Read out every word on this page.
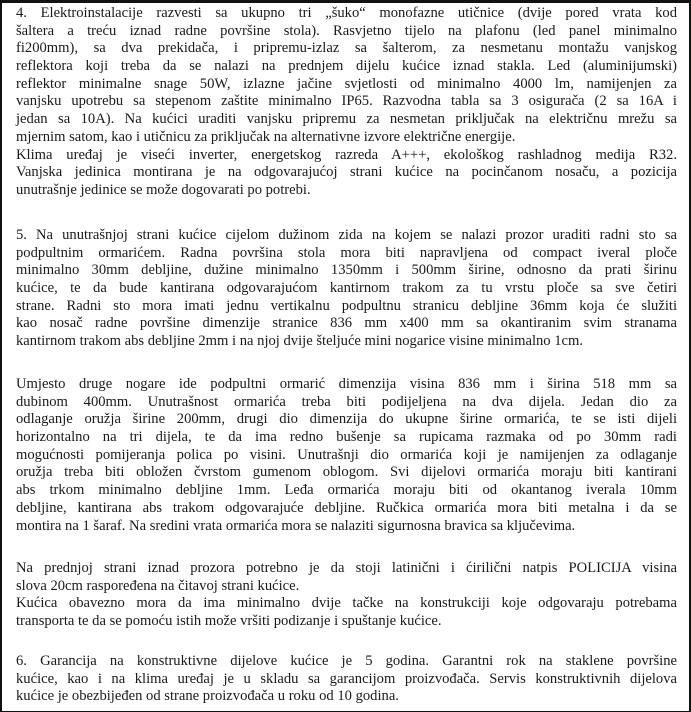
4. Elektroinstalacije razvesti sa ukupno tri „šuko“ monofazne utičnice (dvije pored vrata kod
šaltera a treću iznad radne površine stola). Rasvjetno tijelo na plafonu (led panel minimalno
fi200mm), sa dva prekidača, i pripremu-izlaz sa šalterom, za nesmetanu montažu vanjskog
reflektora koji treba da se nalazi na prednjem dijelu kućice iznad stakla. Led (aluminijumski)
reflektor minimalne snage 50W, izlazne jačine svjetlosti od minimalno 4000 lm, namijenjen za
vanjsku upotrebu sa stepenom zaštite minimalno IP65. Razvodna tabla sa 3 osigurača (2 sa 16A i
jedan sa 10A). Na kućici uraditi vanjsku pripremu za nesmetan priključak na električnu mrežu sa
mjernim satom, kao i utičnicu za priključak na alternativne izvore električne energije.
Klima uređaj je viseći inverter, energetskog razreda A+++, ekološkog rashladnog medija R32.
Vanjska jedinica montirana je na odgovarajućoj strani kućice na pocinčanom nosaču, a pozicija
unutrašnje jedinice se može dogovarati po potrebi.
5. Na unutrašnjoj strani kućice cijelom dužinom zida na kojem se nalazi prozor uraditi radni sto sa
podpultnim ormarićem. Radna površina stola mora biti napravljena od compact iveral ploče
minimalno 30mm debljine, dužine minimalno 1350mm i 500mm širine, odnosno da prati širinu
kućice, te da bude kantirana odgovarajućom kantirnom trakom za tu vrstu ploče sa sve četiri
strane. Radni sto mora imati jednu vertikalnu podpultnu stranicu debljine 36mm koja će služiti
kao nosač radne površine dimenzije stranice 836 mm x400 mm sa okantiranim svim stranama
kantirnom trakom abs debljine 2mm i na njoj dvije šteljuće mini nogarice visine minimalno 1cm.
Umjesto druge nogare ide podpultni ormarić dimenzija visina 836 mm i širina 518 mm sa
dubinom 400mm. Unutrašnost ormarića treba biti podijeljena na dva dijela. Jedan dio za
odlaganje oružja širine 200mm, drugi dio dimenzija do ukupne širine ormarića, te se isti dijeli
horizontalno na tri dijela, te da ima redno bušenje sa rupicama razmaka od po 30mm radi
mogućnosti pomijeranja polica po visini. Unutrašnji dio ormarića koji je namijenjen za odlaganje
oružja treba biti obložen čvrstom gumenom oblogom. Svi dijelovi ormarića moraju biti kantirani
abs trkom minimalno debljine 1mm. Leđa ormarića moraju biti od okantanog iverala 10mm
debljine, kantirana abs trakom odgovarajuće debljine. Ručkica ormarića mora biti metalna i da se
montira na 1 šaraf. Na sredini vrata ormarića mora se nalaziti sigurnosna bravica sa ključevima.
Na prednjoj strani iznad prozora potrebno je da stoji latinični i ćirilični natpis POLICIJA visina
slova 20cm raspoređena na čitavoj strani kućice.
Kućica obavezno mora da ima minimalno dvije tačke na konstrukciji koje odgovaraju potrebama
transporta te da se pomoću istih može vršiti podizanje i spuštanje kućice.
6. Garancija na konstruktivne dijelove kućice je 5 godina. Garantni rok na staklene površine
kućice, kao i na klima uređaj je u skladu sa garancijom proizvođača. Servis konstruktivnih dijelova
kućice je obezbijeđen od strane proizvođača u roku od 10 godina.
